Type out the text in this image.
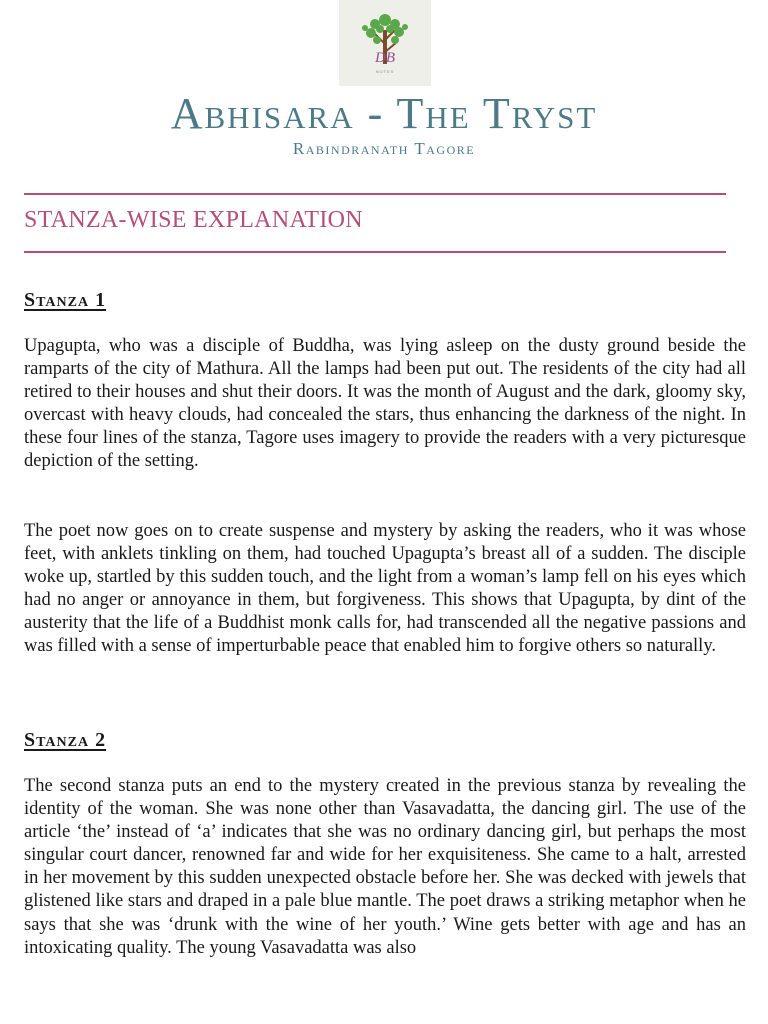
DB
NOTES
Abhisara - The Tryst
Rabindranath Tagore
STANZA-WISE EXPLANATION
Stanza 1

Upagupta, who was a disciple of Buddha, was lying asleep on the dusty ground beside the ramparts of the city of Mathura. All the lamps had been put out. The residents of the city had all retired to their houses and shut their doors. It was the month of August and the dark, gloomy sky, overcast with heavy clouds, had concealed the stars, thus enhancing the darkness of the night. In these four lines of the stanza, Tagore uses imagery to provide the readers with a very picturesque depiction of the setting.

The poet now goes on to create suspense and mystery by asking the readers, who it was whose feet, with anklets tinkling on them, had touched Upagupta’s breast all of a sudden. The disciple woke up, startled by this sudden touch, and the light from a woman’s lamp fell on his eyes which had no anger or annoyance in them, but forgiveness. This shows that Upagupta, by dint of the austerity that the life of a Buddhist monk calls for, had transcended all the negative passions and was filled with a sense of imperturbable peace that enabled him to forgive others so naturally.

Stanza 2

The second stanza puts an end to the mystery created in the previous stanza by revealing the identity of the woman. She was none other than Vasavadatta, the dancing girl. The use of the article ‘the’ instead of ‘a’ indicates that she was no ordinary dancing girl, but perhaps the most singular court dancer, renowned far and wide for her exquisiteness. She came to a halt, arrested in her movement by this sudden unexpected obstacle before her. She was decked with jewels that glistened like stars and draped in a pale blue mantle. The poet draws a striking metaphor when he says that she was ‘drunk with the wine of her youth.’ Wine gets better with age and has an intoxicating quality. The young Vasavadatta was also
